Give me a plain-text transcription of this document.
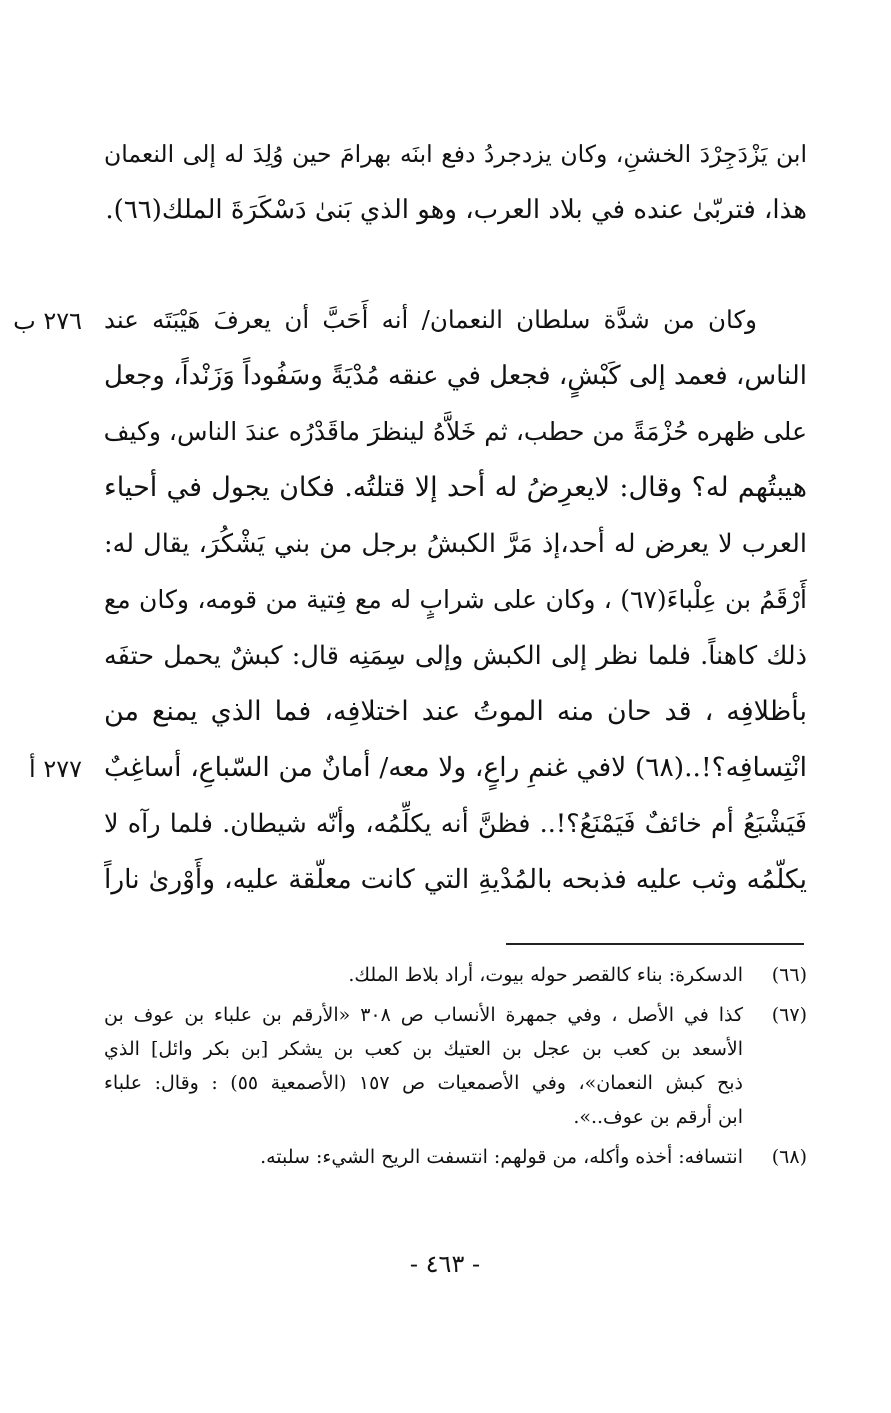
ابن يَزْدَجِرْدَ الخشنِ، وكان يزدجردُ دفع ابنَه بهرامَ حين وُلِدَ له إلى النعمان
هذا، فتربّىٰ عنده في بلاد العرب، وهو الذي بَنىٰ دَسْكَرَةَ الملك(٦٦).
وكان من شدَّة سلطان النعمان/ أنه أَحَبَّ أن يعرفَ هَيْبَتَه عند
الناس، فعمد إلى كَبْشٍ، فجعل في عنقه مُدْيَةً وسَفُوداً وَزَنْداً، وجعل
على ظهره حُزْمَةً من حطب، ثم خَلاَّهُ لينظرَ ماقَدْرُه عندَ الناس، وكيف
هيبتُهم له؟ وقال: لايعرِضُ له أحد إلا قتلتُه. فكان يجول في أحياء
العرب لا يعرض له أحد،إذ مَرَّ الكبشُ برجل من بني يَشْكُرَ، يقال له:
أَرْقَمُ بن عِلْباءَ(٦٧) ، وكان على شرابٍ له مع فِتية من قومه، وكان مع
ذلك كاهناً. فلما نظر إلى الكبش وإلى سِمَنِه قال: كبشٌ يحمل حتفَه
بأظلافِه ، قد حان منه الموتُ عند اختلافِه، فما الذي يمنع من
انْتِسافِه؟!..(٦٨) لافي غنمِ راعٍ، ولا معه/ أمانٌ من السّباعِ، أساغِبٌ
فَيَشْبَعُ أم خائفٌ فَيَمْنَعُ؟!.. فظنَّ أنه يكلِّمُه، وأنّه شيطان. فلما رآه لا
يكلّمُه وثب عليه فذبحه بالمُدْيةِ التي كانت معلّقة عليه، وأَوْرىٰ ناراً
٢٧٦ ب
٢٧٧ أ
(٦٦)
الدسكرة: بناء كالقصر حوله بيوت، أراد بلاط الملك.
(٦٧)
كذا في الأصل ، وفي جمهرة الأنساب ص ٣٠٨ «الأرقم بن علباء بن عوف بن
الأسعد بن كعب بن عجل بن العتيك بن كعب بن يشكر [بن بكر وائل] الذي
ذبح كبش النعمان»، وفي الأصمعيات ص ١٥٧ (الأصمعية ٥٥) : وقال: علباء
ابن أرقم بن عوف..».
(٦٨)
انتسافه: أخذه وأكله، من قولهم: انتسفت الريح الشيء: سلبته.
- ٤٦٣ -
